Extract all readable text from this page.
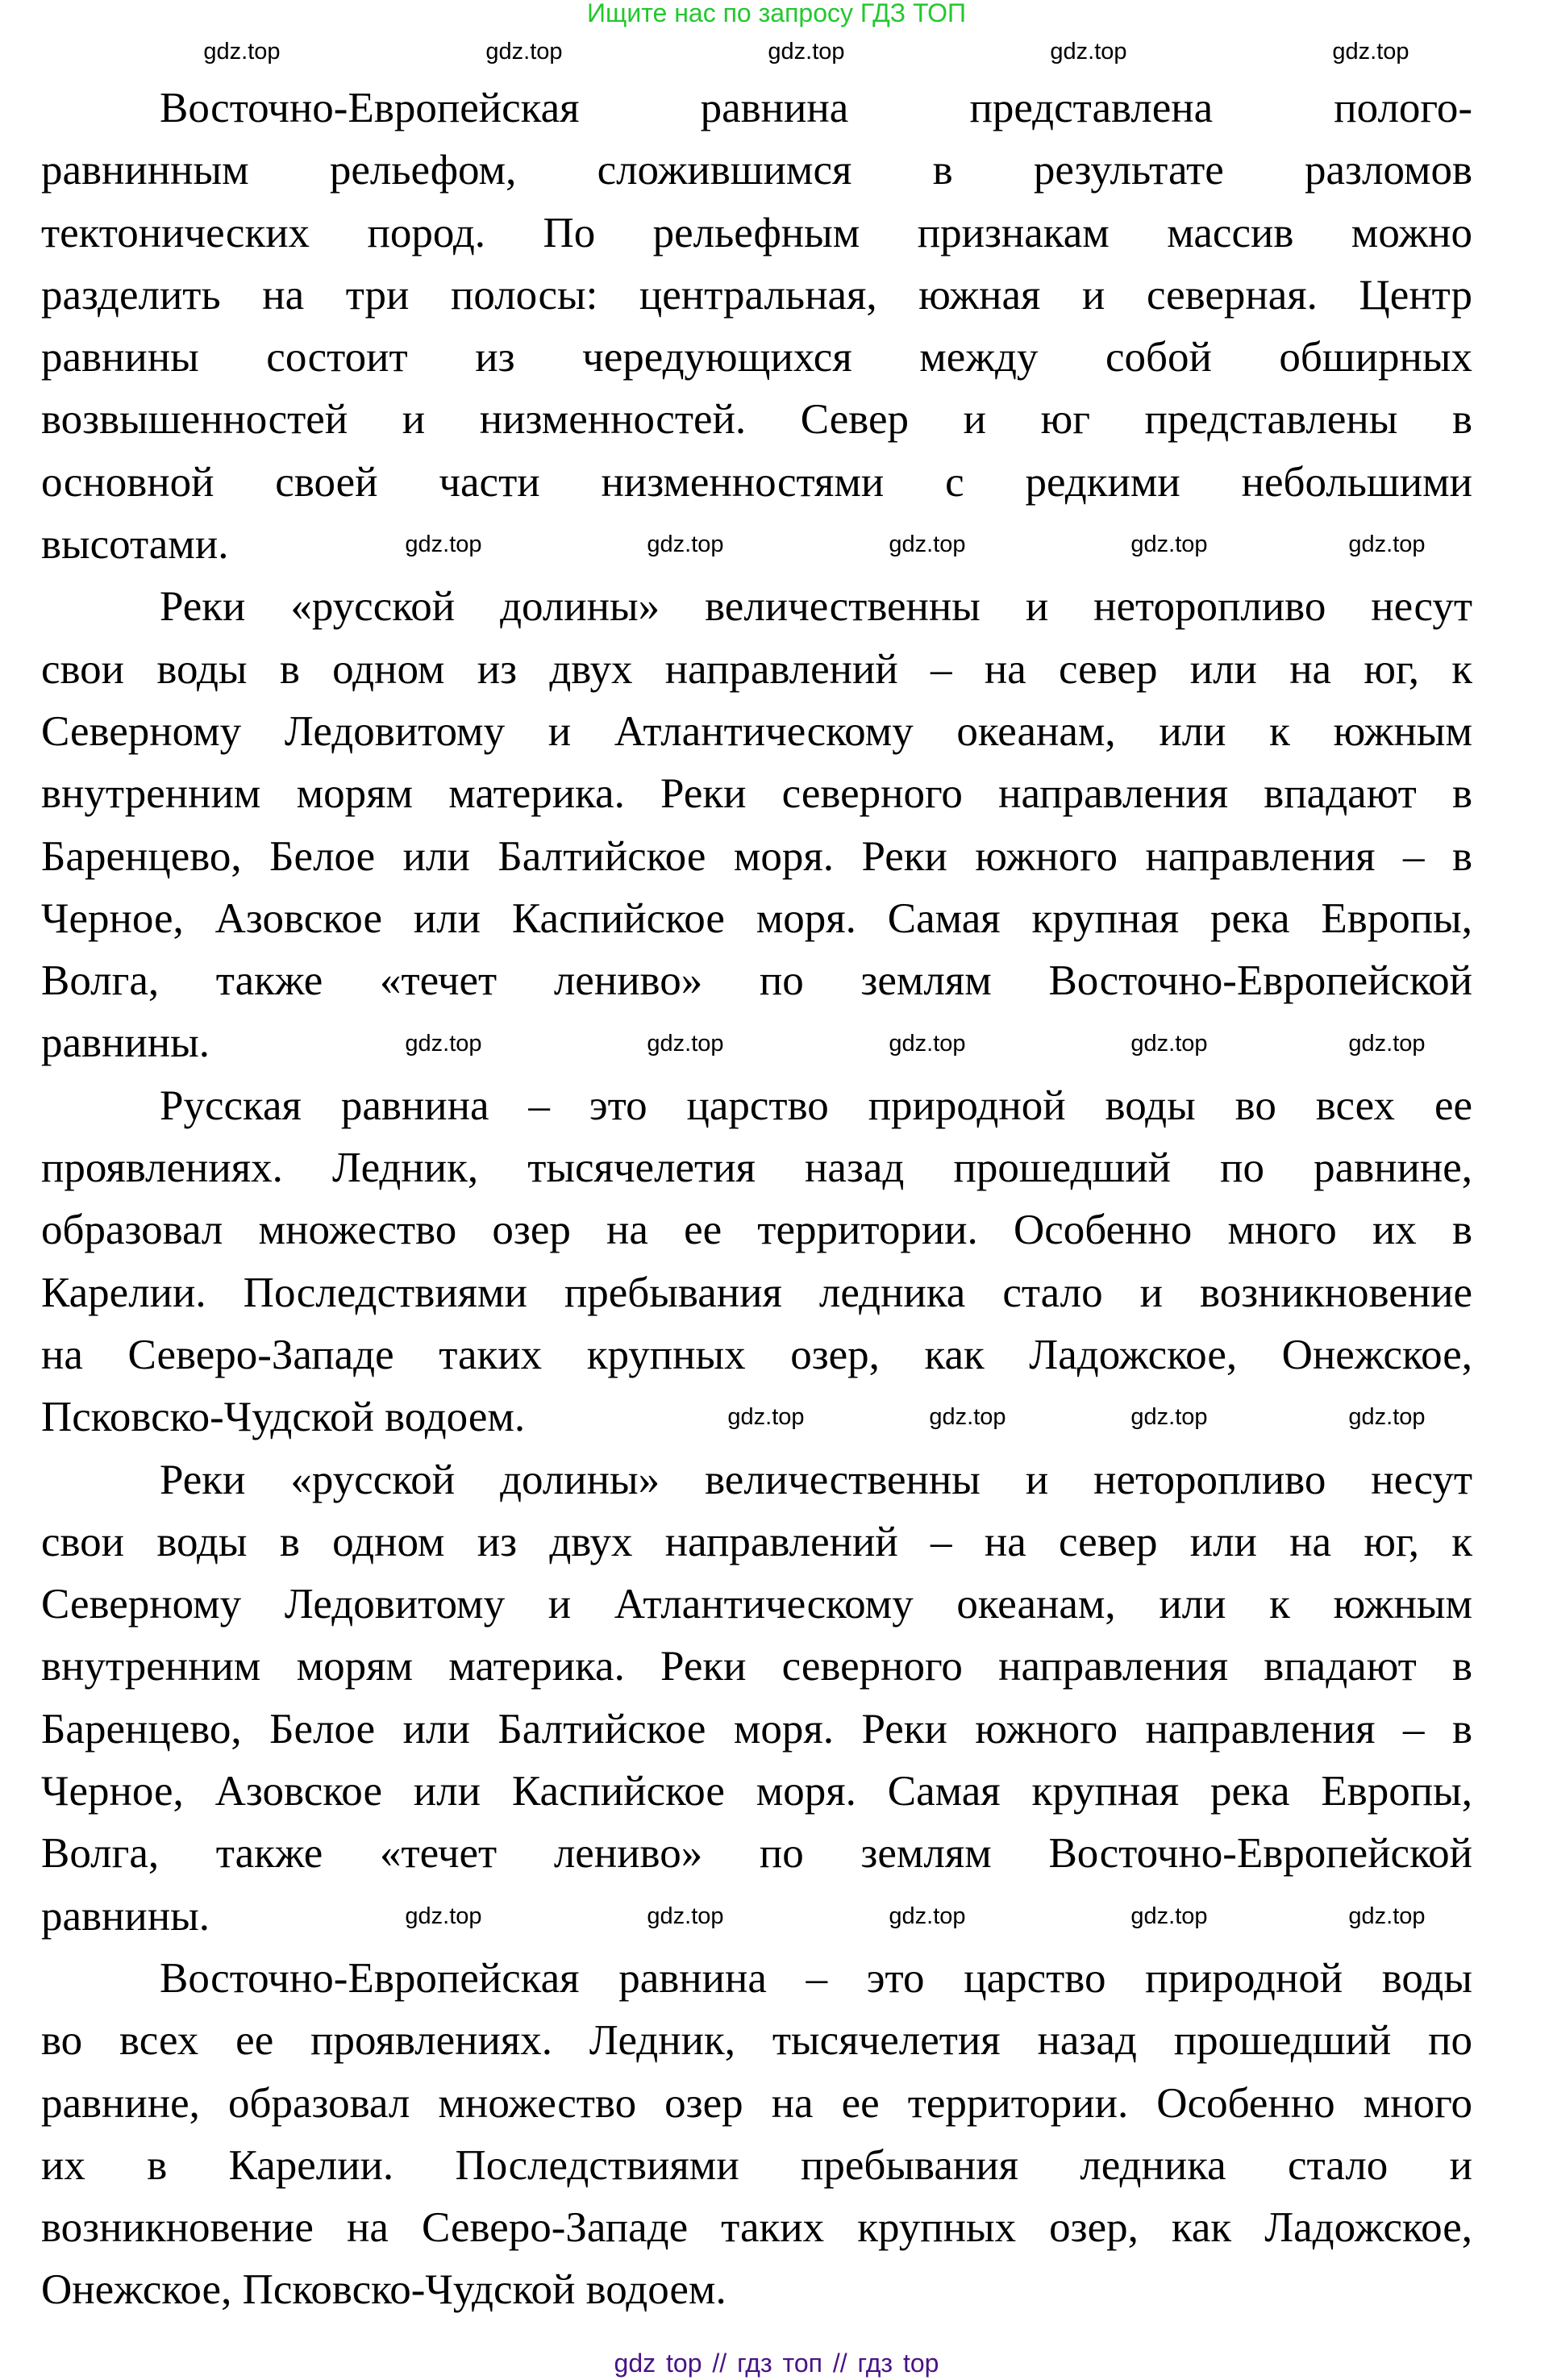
Ищите нас по запросу ГДЗ ТОП
Восточно-Европейская равнина представлена полого-
равнинным рельефом, сложившимся в результате разломов
тектонических пород. По рельефным признакам массив можно
разделить на три полосы: центральная, южная и северная. Центр
равнины состоит из чередующихся между собой обширных
возвышенностей и низменностей. Север и юг представлены в
основной своей части низменностями с редкими небольшими
высотами.
Реки «русской долины» величественны и неторопливо несут
свои воды в одном из двух направлений – на север или на юг, к
Северному Ледовитому и Атлантическому океанам, или к южным
внутренним морям материка. Реки северного направления впадают в
Баренцево, Белое или Балтийское моря. Реки южного направления – в
Черное, Азовское или Каспийское моря. Самая крупная река Европы,
Волга, также «течет лениво» по землям Восточно-Европейской
равнины.
Русская равнина – это царство природной воды во всех ее
проявлениях. Ледник, тысячелетия назад прошедший по равнине,
образовал множество озер на ее территории. Особенно много их в
Карелии. Последствиями пребывания ледника стало и возникновение
на Северо-Западе таких крупных озер, как Ладожское, Онежское,
Псковско-Чудской водоем.
Реки «русской долины» величественны и неторопливо несут
свои воды в одном из двух направлений – на север или на юг, к
Северному Ледовитому и Атлантическому океанам, или к южным
внутренним морям материка. Реки северного направления впадают в
Баренцево, Белое или Балтийское моря. Реки южного направления – в
Черное, Азовское или Каспийское моря. Самая крупная река Европы,
Волга, также «течет лениво» по землям Восточно-Европейской
равнины.
Восточно-Европейская равнина – это царство природной воды
во всех ее проявлениях. Ледник, тысячелетия назад прошедший по
равнине, образовал множество озер на ее территории. Особенно много
их в Карелии. Последствиями пребывания ледника стало и
возникновение на Северо-Западе таких крупных озер, как Ладожское,
Онежское, Псковско-Чудской водоем.
gdz.top	gdz.top	gdz.top	gdz.top	gdz.top
gdz.top	gdz.top	gdz.top	gdz.top	gdz.top
gdz.top	gdz.top	gdz.top	gdz.top	gdz.top
gdz.top	gdz.top	gdz.top	gdz.top
gdz.top	gdz.top	gdz.top	gdz.top	gdz.top
gdz top // гдз топ // гдз top
